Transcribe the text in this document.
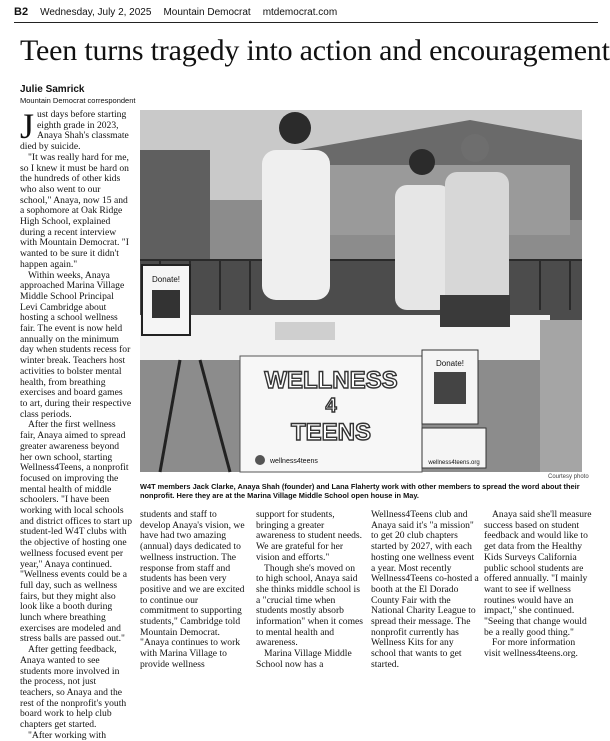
B2 Wednesday, July 2, 2025 Mountain Democrat mtdemocrat.com
Teen turns tragedy into action and encouragement
Julie Samrick
Mountain Democrat correspondent

Just days before starting eighth grade in 2023, Anaya Shah's classmate died by suicide.

"It was really hard for me, so I knew it must be hard on the hundreds of other kids who also went to our school," Anaya, now 15 and a sophomore at Oak Ridge High School, explained during a recent interview with Mountain Democrat. "I wanted to be sure it didn't happen again."

Within weeks, Anaya approached Marina Village Middle School Principal Levi Cambridge about hosting a school wellness fair. The event is now held annually on the minimum day when students recess for winter break. Teachers host activities to bolster mental health, from breathing exercises and board games to art, during their respective class periods.

After the first wellness fair, Anaya aimed to spread greater awareness beyond her own school, starting Wellness4Teens, a nonprofit focused on improving the mental health of middle schoolers. "I have been working with local schools and district offices to start up student-led W4T clubs with the objective of hosting one wellness focused event per year," Anaya continued. "Wellness events could be a full day, such as wellness fairs, but they might also look like a booth during lunch where breathing exercises are modeled and stress balls are passed out."

After getting feedback, Anaya wanted to see students more involved in the process, not just teachers, so Anaya and the rest of the nonprofit's youth board work to help club chapters get started.

"After working with

Donate!
WELLNESS
4
TEENS
wellness4teens
Donate!
wellness4teens.org
Courtesy photo
W4T members Jack Clarke, Anaya Shah (founder) and Lana Flaherty work with other members to spread the word about their nonprofit. Here they are at the Marina Village Middle School open house in May.

students and staff to develop Anaya's vision, we have had two amazing (annual) days dedicated to wellness instruction. The response from staff and students has been very positive and we are excited to continue our commitment to supporting students," Cambridge told Mountain Democrat. "Anaya continues to work with Marina Village to provide wellness

support for students, bringing a greater awareness to student needs. We are grateful for her vision and efforts."

Though she's moved on to high school, Anaya said she thinks middle school is a "crucial time when students mostly absorb information" when it comes to mental health and awareness.

Marina Village Middle School now has a

Wellness4Teens club and Anaya said it's "a mission" to get 20 club chapters started by 2027, with each hosting one wellness event a year. Most recently Wellness4Teens co-hosted a booth at the El Dorado County Fair with the National Charity League to spread their message. The nonprofit currently has Wellness Kits for any school that wants to get started.

Anaya said she'll measure success based on student feedback and would like to get data from the Healthy Kids Surveys California public school students are offered annually. "I mainly want to see if wellness routines would have an impact," she continued. "Seeing that change would be a really good thing."

For more information visit wellness4teens.org.
